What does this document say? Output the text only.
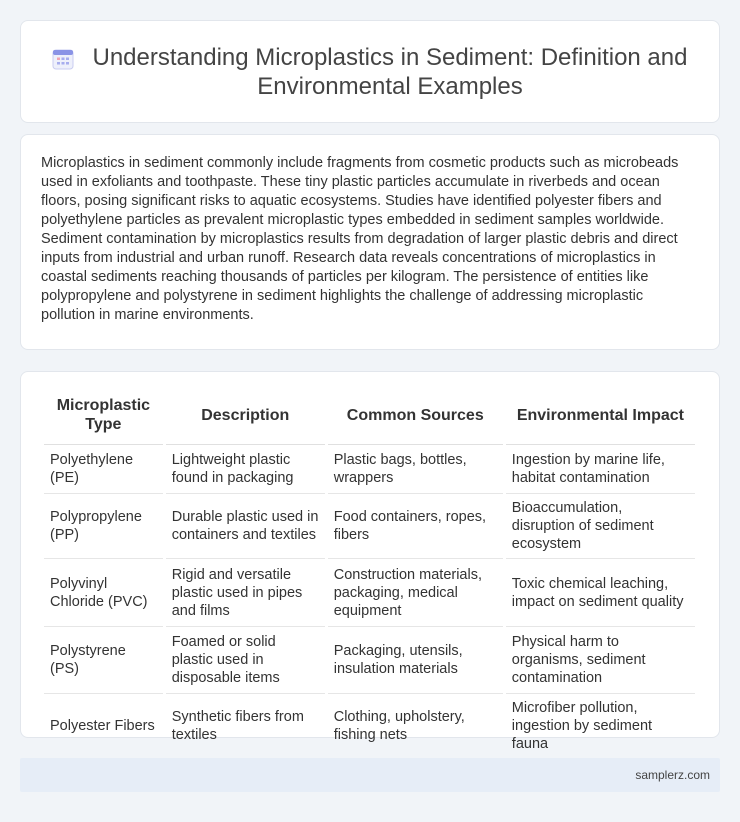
Understanding Microplastics in Sediment: Definition and Environmental Examples

Microplastics in sediment commonly include fragments from cosmetic products such as microbeads used in exfoliants and toothpaste. These tiny plastic particles accumulate in riverbeds and ocean floors, posing significant risks to aquatic ecosystems. Studies have identified polyester fibers and polyethylene particles as prevalent microplastic types embedded in sediment samples worldwide. Sediment contamination by microplastics results from degradation of larger plastic debris and direct inputs from industrial and urban runoff. Research data reveals concentrations of microplastics in coastal sediments reaching thousands of particles per kilogram. The persistence of entities like polypropylene and polystyrene in sediment highlights the challenge of addressing microplastic pollution in marine environments.

Microplastic Type	Description	Common Sources	Environmental Impact
Polyethylene (PE)	Lightweight plastic found in packaging	Plastic bags, bottles, wrappers	Ingestion by marine life, habitat contamination
Polypropylene (PP)	Durable plastic used in containers and textiles	Food containers, ropes, fibers	Bioaccumulation, disruption of sediment ecosystem
Polyvinyl Chloride (PVC)	Rigid and versatile plastic used in pipes and films	Construction materials, packaging, medical equipment	Toxic chemical leaching, impact on sediment quality
Polystyrene (PS)	Foamed or solid plastic used in disposable items	Packaging, utensils, insulation materials	Physical harm to organisms, sediment contamination
Polyester Fibers	Synthetic fibers from textiles	Clothing, upholstery, fishing nets	Microfiber pollution, ingestion by sediment fauna
samplerz.com
